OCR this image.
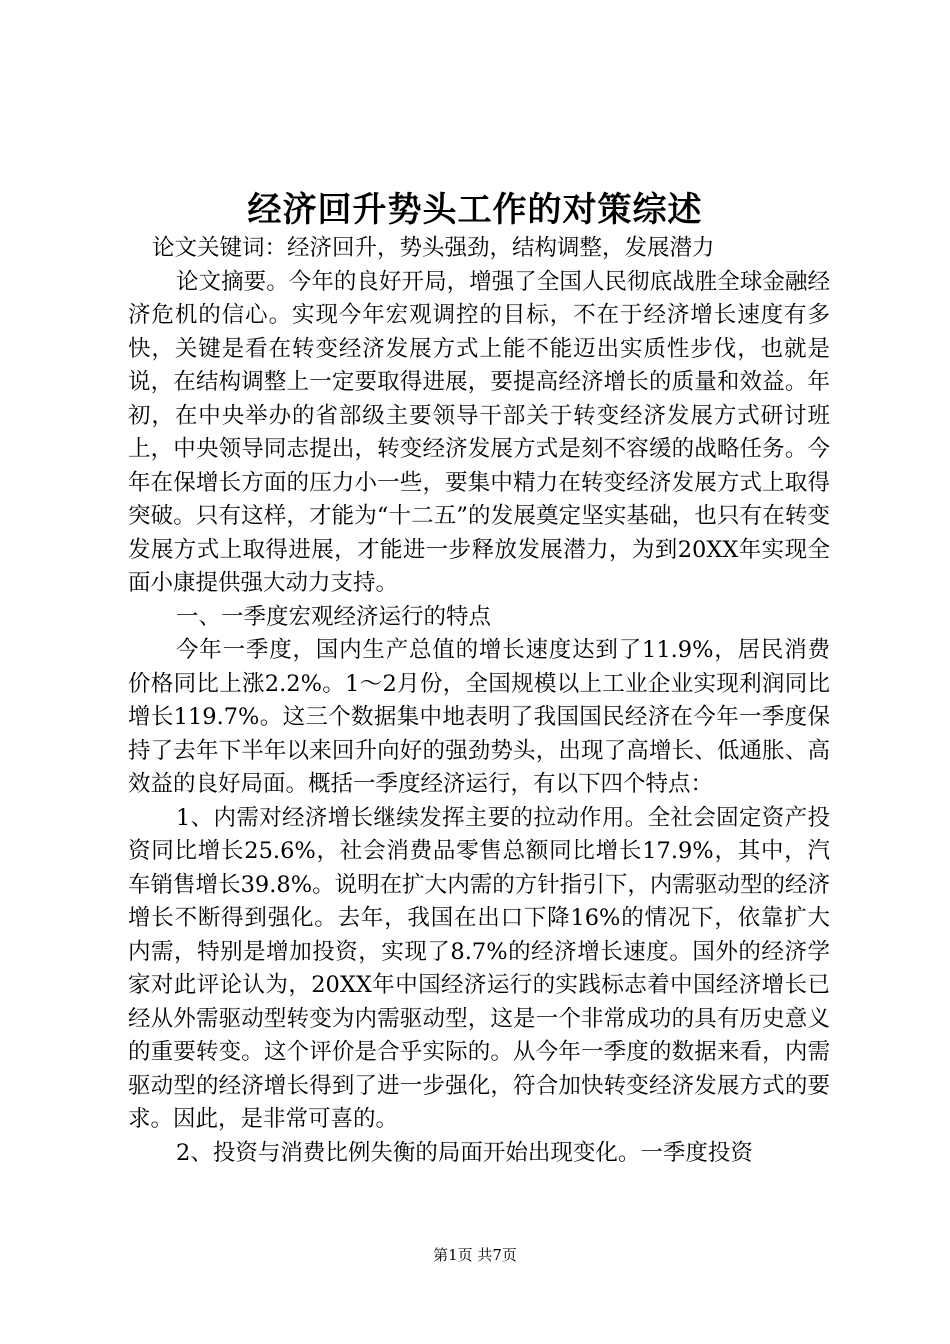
经济回升势头工作的对策综述

论文关键词：经济回升，势头强劲，结构调整，发展潜力

论文摘要。今年的良好开局，增强了全国人民彻底战胜全球金融经济危机的信心。实现今年宏观调控的目标，不在于经济增长速度有多快，关键是看在转变经济发展方式上能不能迈出实质性步伐，也就是说，在结构调整上一定要取得进展，要提高经济增长的质量和效益。年初，在中央举办的省部级主要领导干部关于转变经济发展方式研讨班上，中央领导同志提出，转变经济发展方式是刻不容缓的战略任务。今年在保增长方面的压力小一些，要集中精力在转变经济发展方式上取得突破。只有这样，才能为“十二五”的发展奠定坚实基础，也只有在转变发展方式上取得进展，才能进一步释放发展潜力，为到20XX年实现全面小康提供强大动力支持。

一、一季度宏观经济运行的特点

今年一季度，国内生产总值的增长速度达到了11.9%，居民消费价格同比上涨2.2%。1～2月份，全国规模以上工业企业实现利润同比增长119.7%。这三个数据集中地表明了我国国民经济在今年一季度保持了去年下半年以来回升向好的强劲势头，出现了高增长、低通胀、高效益的良好局面。概括一季度经济运行，有以下四个特点：

1、内需对经济增长继续发挥主要的拉动作用。全社会固定资产投资同比增长25.6%，社会消费品零售总额同比增长17.9%，其中，汽车销售增长39.8%。说明在扩大内需的方针指引下，内需驱动型的经济增长不断得到强化。去年，我国在出口下降16%的情况下，依靠扩大内需，特别是增加投资，实现了8.7%的经济增长速度。国外的经济学家对此评论认为，20XX年中国经济运行的实践标志着中国经济增长已经从外需驱动型转变为内需驱动型，这是一个非常成功的具有历史意义的重要转变。这个评价是合乎实际的。从今年一季度的数据来看，内需驱动型的经济增长得到了进一步强化，符合加快转变经济发展方式的要求。因此，是非常可喜的。

2、投资与消费比例失衡的局面开始出现变化。一季度投资

第1页 共7页
